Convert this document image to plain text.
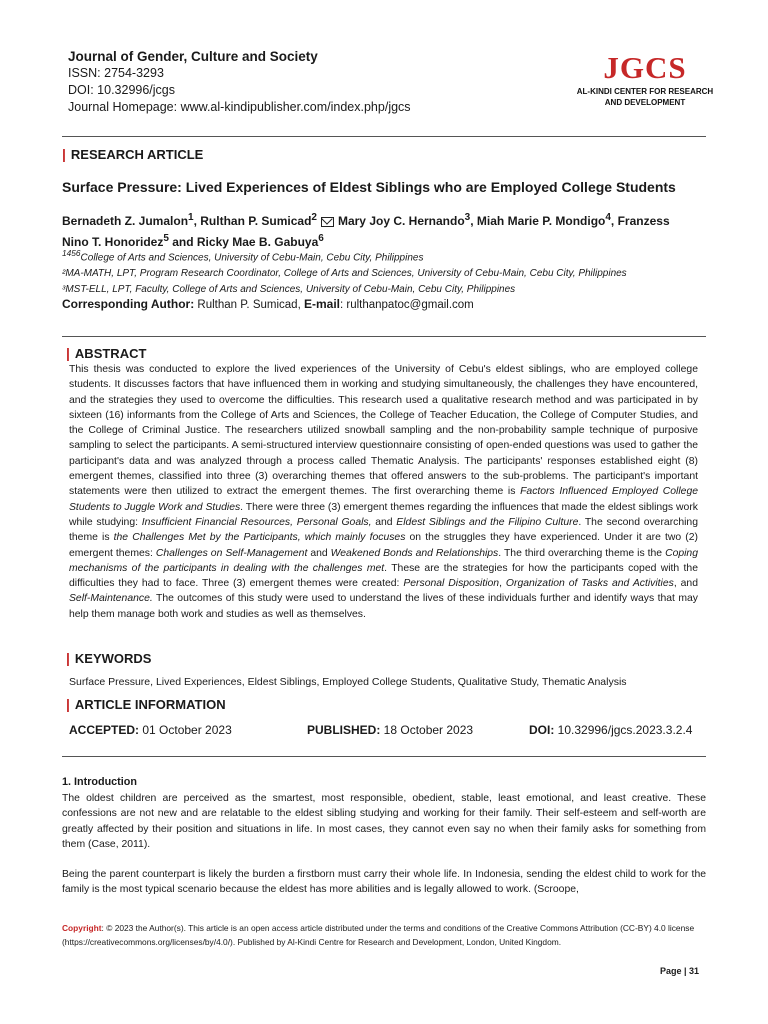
Journal of Gender, Culture and Society
ISSN: 2754-3293
DOI: 10.32996/jcgs
Journal Homepage: www.al-kindipublisher.com/index.php/jgcs
JGCS
AL-KINDI CENTER FOR RESEARCH
AND DEVELOPMENT
| RESEARCH ARTICLE
Surface Pressure: Lived Experiences of Eldest Siblings who are Employed College Students
Bernadeth Z. Jumalon$^1$, Rulthan P. Sumicad$^2$ Mary Joy C. Hernando$^3$, Miah Marie P. Mondigo$^4$, Franzess
Nino T. Honoridez$^5$ and Ricky Mae B. Gabuya$^6$
$^{1456}$College of Arts and Sciences, University of Cebu-Main, Cebu City, Philippines
²MA-MATH, LPT, Program Research Coordinator, College of Arts and Sciences, University of Cebu-Main, Cebu City, Philippines
³MST-ELL, LPT, Faculty, College of Arts and Sciences, University of Cebu-Main, Cebu City, Philippines
Corresponding Author: Rulthan P. Sumicad, E-mail: rulthanpatoc@gmail.com
| ABSTRACT
This thesis was conducted to explore the lived experiences of the University of Cebu's eldest siblings, who are employed college students. It discusses factors that have influenced them in working and studying simultaneously, the challenges they have encountered, and the strategies they used to overcome the difficulties. This research used a qualitative research method and was participated in by sixteen (16) informants from the College of Arts and Sciences, the College of Teacher Education, the College of Computer Studies, and the College of Criminal Justice. The researchers utilized snowball sampling and the non-probability sample technique of purposive sampling to select the participants. A semi-structured interview questionnaire consisting of open-ended questions was used to gather the participant's data and was analyzed through a process called Thematic Analysis. The participants' responses established eight (8) emergent themes, classified into three (3) overarching themes that offered answers to the sub-problems. The participant's important statements were then utilized to extract the emergent themes. The first overarching theme is Factors Influenced Employed College Students to Juggle Work and Studies. There were three (3) emergent themes regarding the influences that made the eldest siblings work while studying: Insufficient Financial Resources, Personal Goals, and Eldest Siblings and the Filipino Culture. The second overarching theme is the Challenges Met by the Participants, which mainly focuses on the struggles they have experienced. Under it are two (2) emergent themes: Challenges on Self-Management and Weakened Bonds and Relationships. The third overarching theme is the Coping mechanisms of the participants in dealing with the challenges met. These are the strategies for how the participants coped with the difficulties they had to face. Three (3) emergent themes were created: Personal Disposition, Organization of Tasks and Activities, and Self-Maintenance. The outcomes of this study were used to understand the lives of these individuals further and identify ways that may help them manage both work and studies as well as themselves.
| KEYWORDS
Surface Pressure, Lived Experiences, Eldest Siblings, Employed College Students, Qualitative Study, Thematic Analysis
| ARTICLE INFORMATION
ACCEPTED: 01 October 2023	PUBLISHED: 18 October 2023	DOI: 10.32996/jgcs.2023.3.2.4
1. Introduction
The oldest children are perceived as the smartest, most responsible, obedient, stable, least emotional, and least creative. These confessions are not new and are relatable to the eldest sibling studying and working for their family. Their self-esteem and self-worth are greatly affected by their position and situations in life. In most cases, they cannot even say no when their family asks for something from them (Case, 2011).
Being the parent counterpart is likely the burden a firstborn must carry their whole life. In Indonesia, sending the eldest child to work for the family is the most typical scenario because the eldest has more abilities and is legally allowed to work. (Scroope,
Copyright: © 2023 the Author(s). This article is an open access article distributed under the terms and conditions of the Creative Commons Attribution (CC-BY) 4.0 license (https://creativecommons.org/licenses/by/4.0/). Published by Al-Kindi Centre for Research and Development, London, United Kingdom.
Page | 31
